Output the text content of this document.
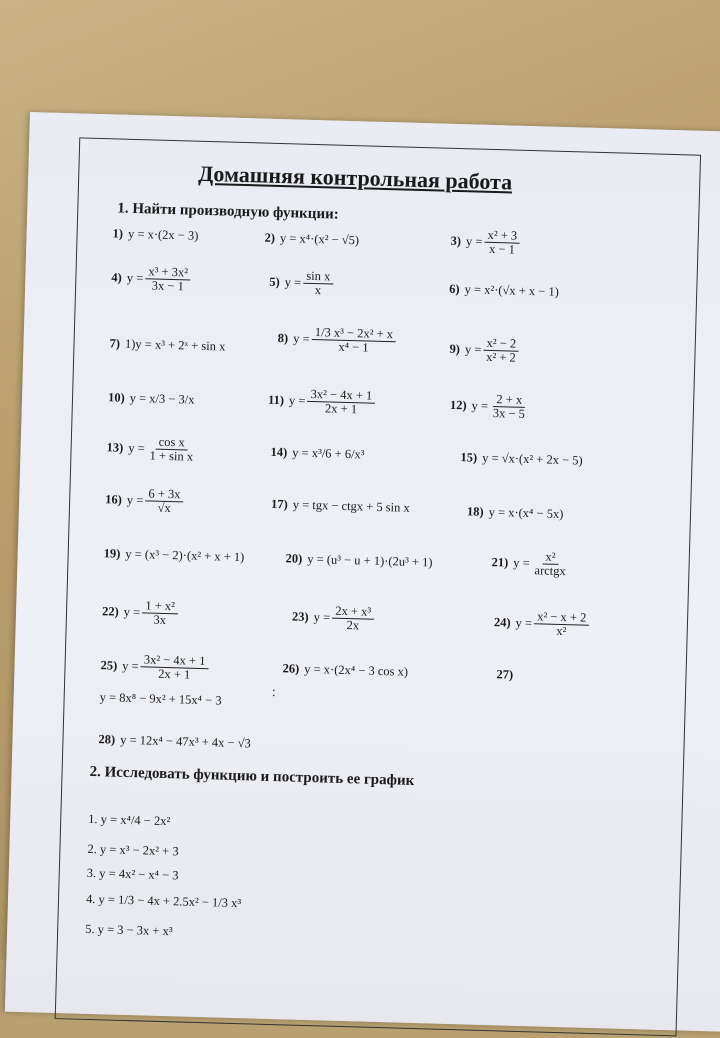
Домашняя контрольная работа
1. Найти производную функции:
1) y = x·(2x − 3)	2) y = x⁴·(x² − √5)	3) $y = \frac{\text{x² + 3}}{x - 1}$
4) $y = \frac{\text{x³ + 3x²}}{3x - 1}$	5) $y = \frac{\text{sin x}}{x}$	6) y = x²·(√x + x − 1)
7) 1)y = x³ + 2ˣ + sin x	8) $y = \frac{\text{1/3 x³ − 2x² + x}}{\text{x⁴ − 1}}$	9) $y = \frac{\text{x² − 2}}{\text{x² + 2}}$
10) y = x/3 − 3/x	11) $y = \frac{\text{3x² − 4x + 1}}{2x + 1}$	12) $y = \frac{2 + x}{3x - 5}$
13) $y = \frac{\text{cos x}}{\text{1 + sin x}}$	14) y = x³/6 + 6/x³	15) y = √x·(x² + 2x − 5)
16) $y = \frac{6 + 3x}{√x}$	17) y = tgx − ctgx + 5 sin x	18) y = x·(x⁴ − 5x)
19) y = (x³ − 2)·(x² + x + 1)	20) y = (u³ − u + 1)·(2u³ + 1)	21) $y = \frac{\text{x²}}{\text{arctgx}}$
22) $y = \frac{\text{1 + x²}}{3x}$	23) $y = \frac{\text{2x + x³}}{2x}$	24) $y = \frac{\text{x² − x + 2}}{\text{x²}}$
25) $y = \frac{\text{3x² − 4x + 1}}{2x + 1}$	26) y = x·(2x⁴ − 3 cos x)	27)
y = 8x⁸ − 9x² + 15x⁴ − 3	:
28) y = 12x⁴ − 47x³ + 4x − √3
2. Исследовать функцию и построить ее график
1. y = x⁴/4 − 2x²
2. y = x³ − 2x² + 3
3. y = 4x² − x⁴ − 3
4. y = 1/3 − 4x + 2.5x² − 1/3 x³
5. y = 3 − 3x + x³
